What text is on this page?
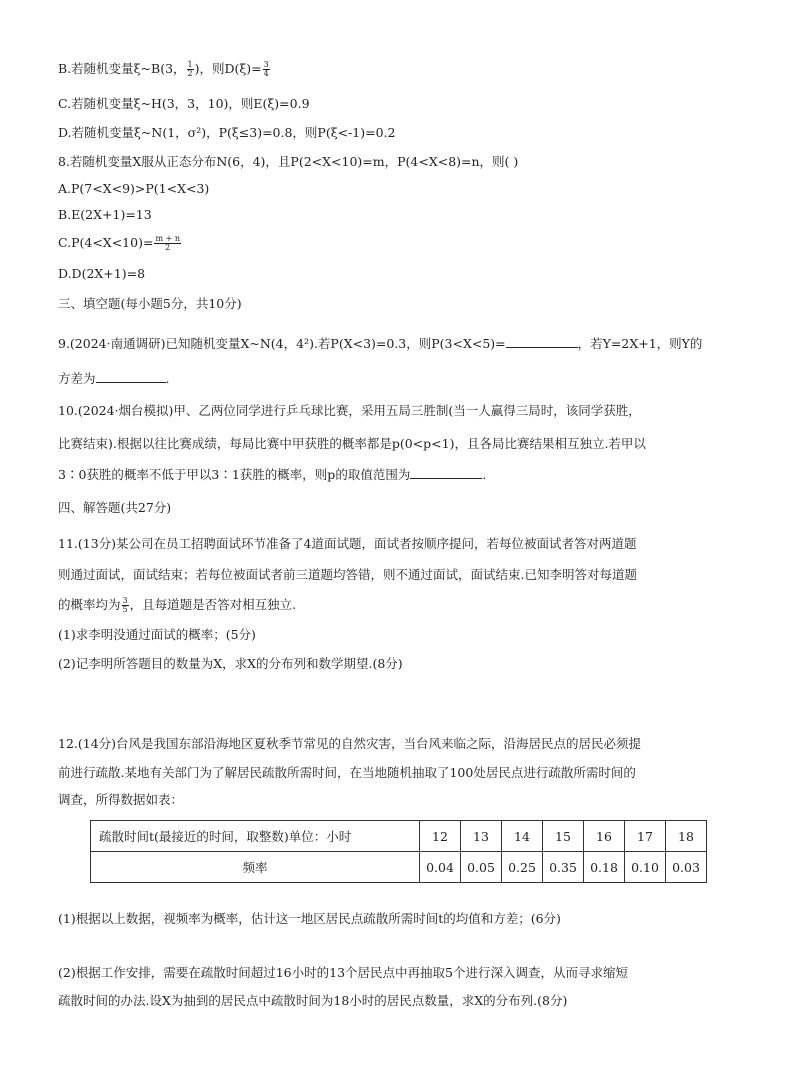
B.若随机变量ξ~B(3， $\frac{1}{2}$ )，则$D(\xi)= \frac{3}{4}$
C.若随机变量ξ~H(3，3，10)，则E(ξ)=0.9
D.若随机变量ξ~N(1，σ²)，P(ξ≤3)=0.8，则P(ξ<-1)=0.2
8.若随机变量X服从正态分布N(6，4)，且P(2<X<10)=m，P(4<X<8)=n，则( )
A.P(7<X<9)>P(1<X<3)
B.E(2X+1)=13
$C.P(4<X<10)= \frac{m + n}{2}$
D.D(2X+1)=8
三、填空题(每小题5分，共10分)
9.(2024·南通调研)已知随机变量X~N(4，4²).若P(X<3)=0.3，则P(3<X<5)=	，若Y=2X+1，则Y的
方差为	.
10.(2024·烟台模拟)甲、乙两位同学进行乒乓球比赛，采用五局三胜制(当一人赢得三局时，该同学获胜，
比赛结束).根据以往比赛成绩，每局比赛中甲获胜的概率都是p(0<p<1)，且各局比赛结果相互独立.若甲以
3∶0获胜的概率不低于甲以3∶1获胜的概率，则p的取值范围为	.
四、解答题(共27分)
11.(13分)某公司在员工招聘面试环节准备了4道面试题，面试者按顺序提问，若每位被面试者答对两道题
则通过面试，面试结束；若每位被面试者前三道题均答错，则不通过面试，面试结束.已知李明答对每道题
的概率均为 $\frac{3}{5}$ ，且每道题是否答对相互独立.
(1)求李明没通过面试的概率；(5分)
(2)记李明所答题目的数量为X，求X的分布列和数学期望.(8分)
12.(14分)台风是我国东部沿海地区夏秋季节常见的自然灾害，当台风来临之际，沿海居民点的居民必须提
前进行疏散.某地有关部门为了解居民疏散所需时间，在当地随机抽取了100处居民点进行疏散所需时间的
调查，所得数据如表：
疏散时间t(最接近的时间，取整数)单位：小时	12	13	14	15	16	17	18
频率	0.04	0.05	0.25	0.35	0.18	0.10	0.03
(1)根据以上数据，视频率为概率，估计这一地区居民点疏散所需时间t的均值和方差；(6分)
(2)根据工作安排，需要在疏散时间超过16小时的13个居民点中再抽取5个进行深入调查，从而寻求缩短
疏散时间的办法.设X为抽到的居民点中疏散时间为18小时的居民点数量，求X的分布列.(8分)
